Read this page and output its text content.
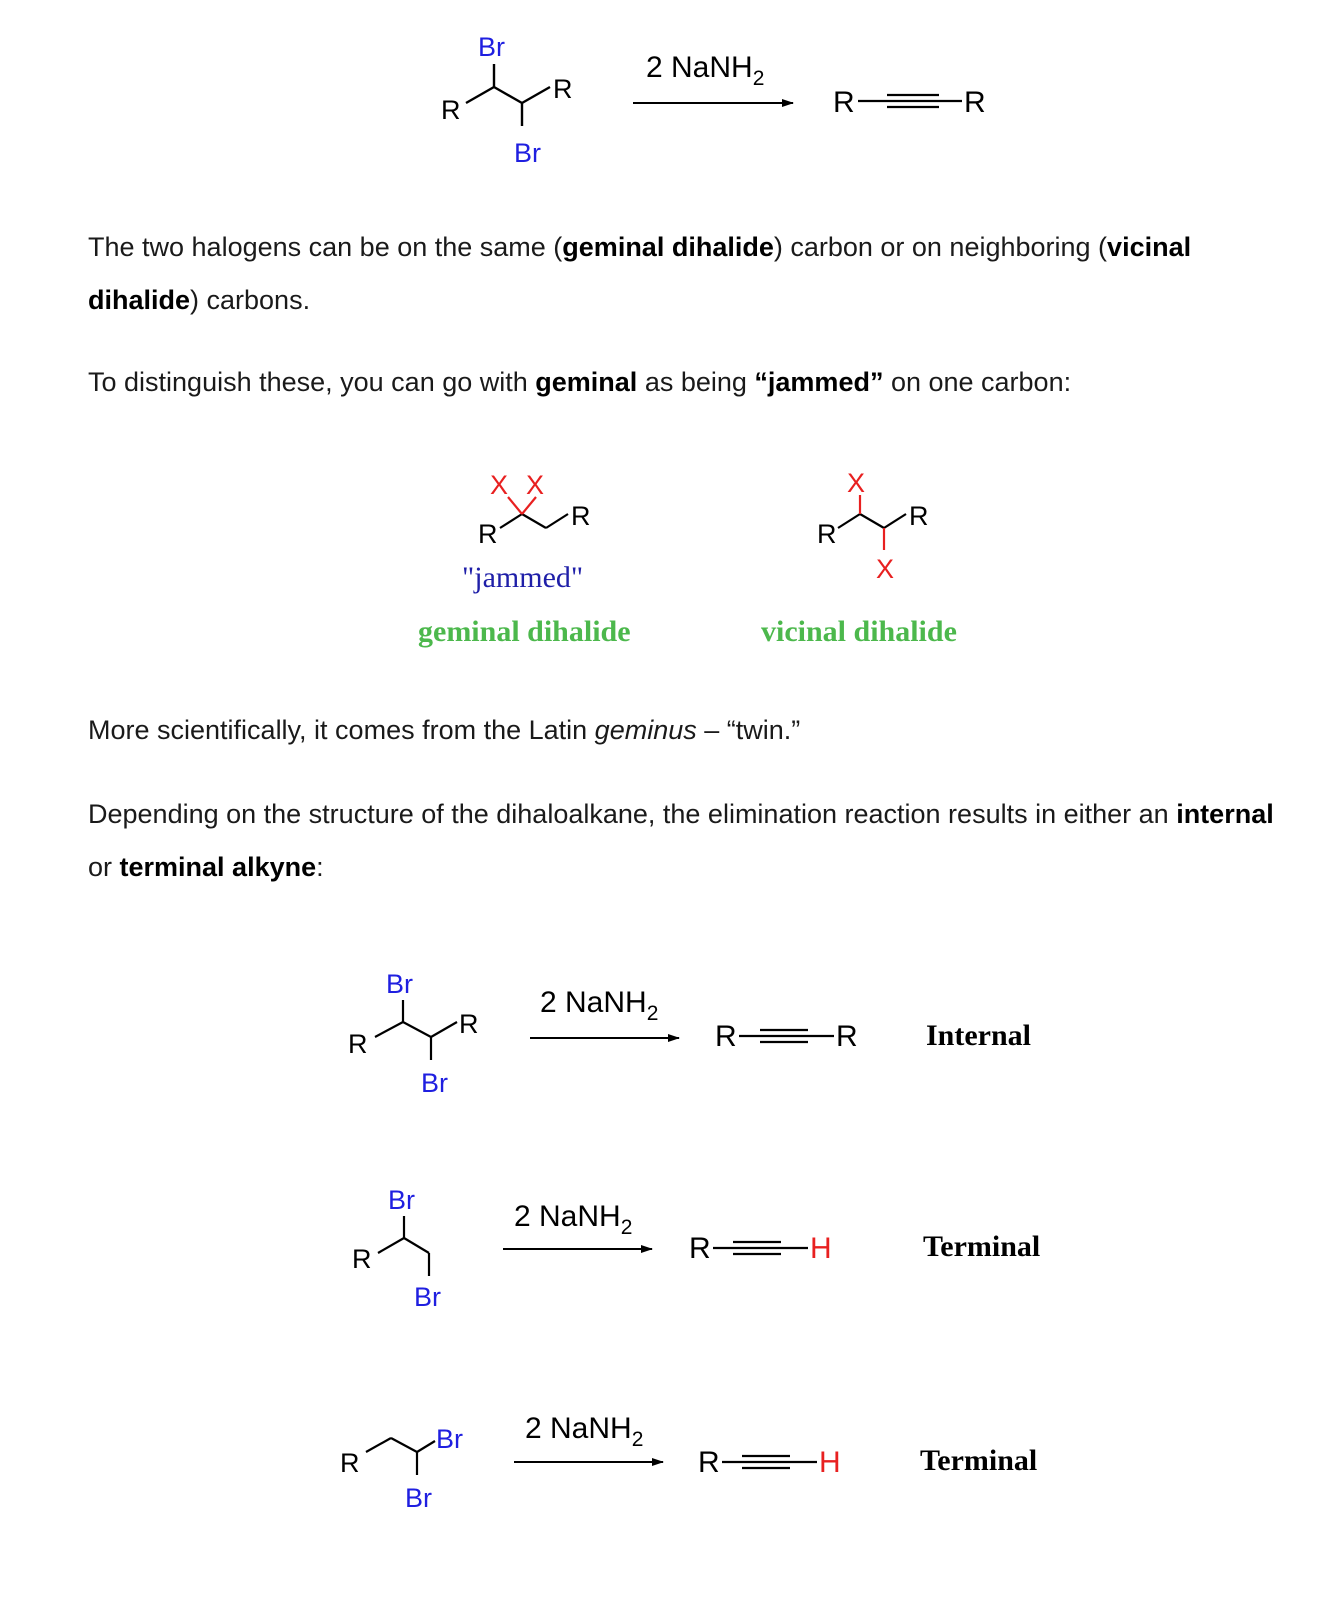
Br
R
R
Br
2 NaNH$_2$
R	R
X X
R
R
"jammed"
geminal dihalide
X
R
R
X
vicinal dihalide
Br
R
R
Br
2 NaNH$_2$
R	R Internal
Br
R
Br
2 NaNH$_2$
R	H	Terminal
R
Br
Br
2 NaNH$_2$
R	H	Terminal

The two halogens can be on the same (geminal dihalide) carbon or on neighboring (vicinal dihalide) carbons.

To distinguish these, you can go with geminal as being “jammed” on one carbon:

More scientifically, it comes from the Latin geminus – “twin.”

Depending on the structure of the dihaloalkane, the elimination reaction results in either an internal or terminal alkyne:
